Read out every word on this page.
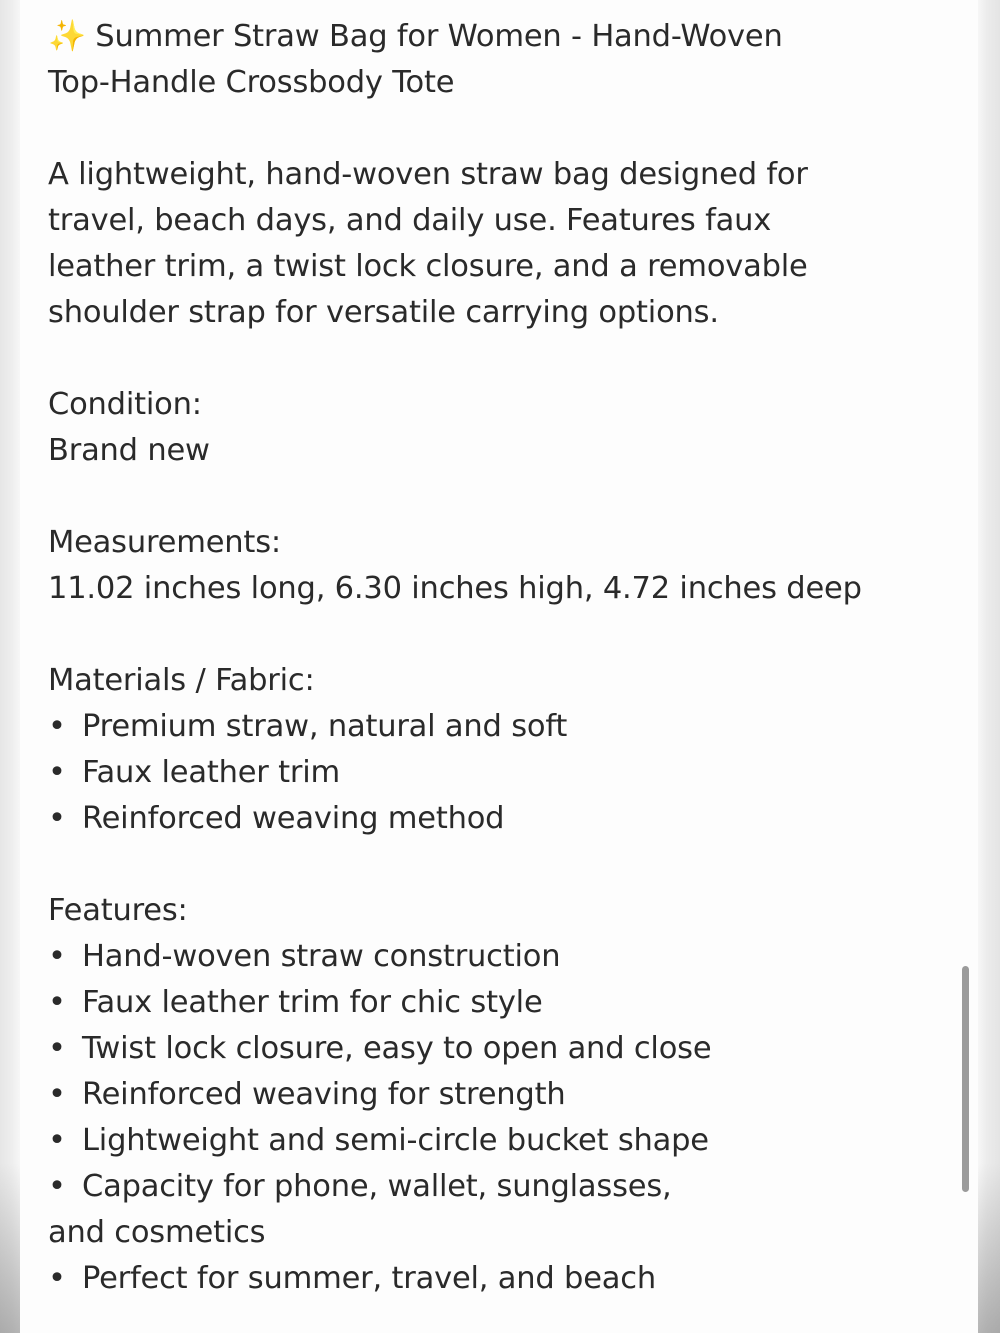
✨ Summer Straw Bag for Women - Hand-Woven
Top-Handle Crossbody Tote
A lightweight, hand-woven straw bag designed for
travel, beach days, and daily use. Features faux
leather trim, a twist lock closure, and a removable
shoulder strap for versatile carrying options.
Condition:
Brand new
Measurements:
11.02 inches long, 6.30 inches high, 4.72 inches deep
Materials / Fabric:
• Premium straw, natural and soft
• Faux leather trim
• Reinforced weaving method
Features:
• Hand-woven straw construction
• Faux leather trim for chic style
• Twist lock closure, easy to open and close
• Reinforced weaving for strength
• Lightweight and semi-circle bucket shape
• Capacity for phone, wallet, sunglasses,
and cosmetics
• Perfect for summer, travel, and beach
